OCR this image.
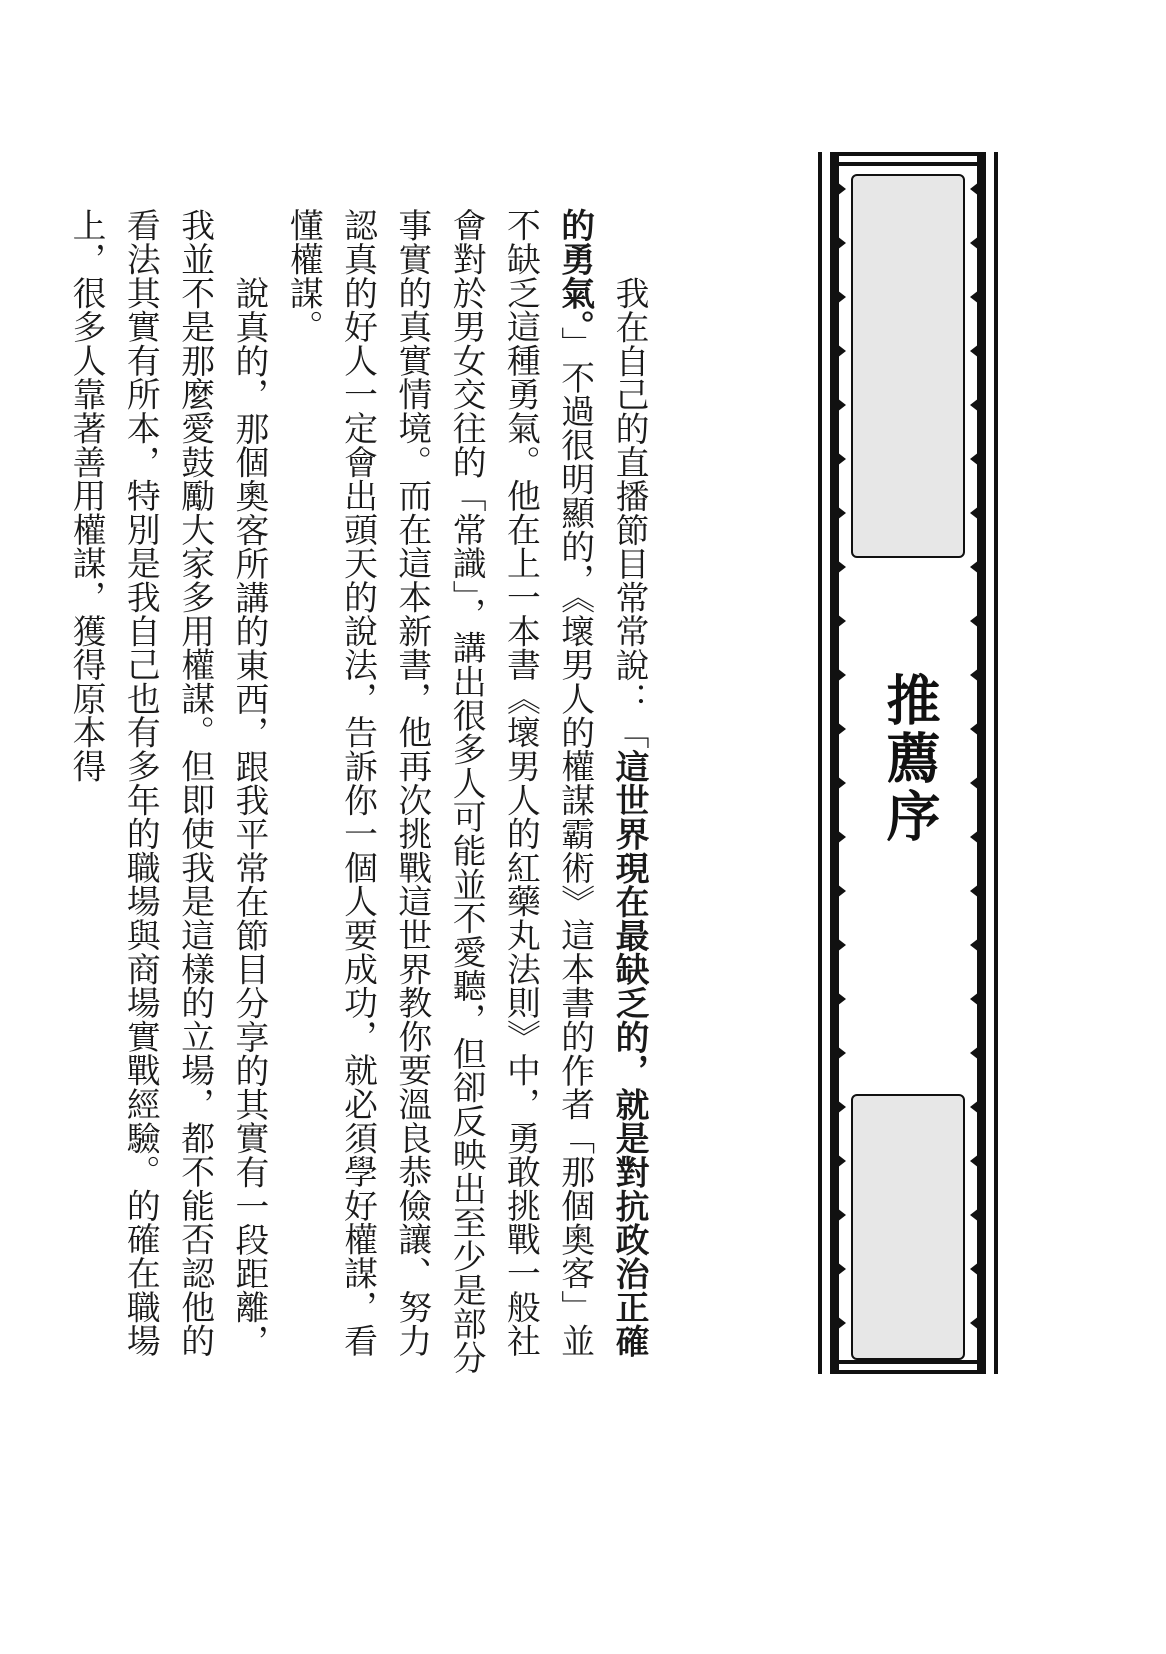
推薦序

我在自己的直播節目常常說：「這世界現在最缺乏的，就是對抗政治正確的勇氣。」不過很明顯的，《壞男人的權謀霸術》這本書的作者「那個奧客」並不缺乏這種勇氣。他在上一本書《壞男人的紅藥丸法則》中，勇敢挑戰一般社會對於男女交往的「常識」，講出很多人可能並不愛聽，但卻反映出至少是部分事實的真實情境。而在這本新書，他再次挑戰這世界教你要溫良恭儉讓、努力認真的好人一定會出頭天的說法，告訴你一個人要成功，就必須學好權謀，看懂權謀。

說真的，那個奧客所講的東西，跟我平常在節目分享的其實有一段距離，我並不是那麼愛鼓勵大家多用權謀。但即使我是這樣的立場，都不能否認他的看法其實有所本，特別是我自己也有多年的職場與商場實戰經驗。的確在職場上，很多人靠著善用權謀，獲得原本得
